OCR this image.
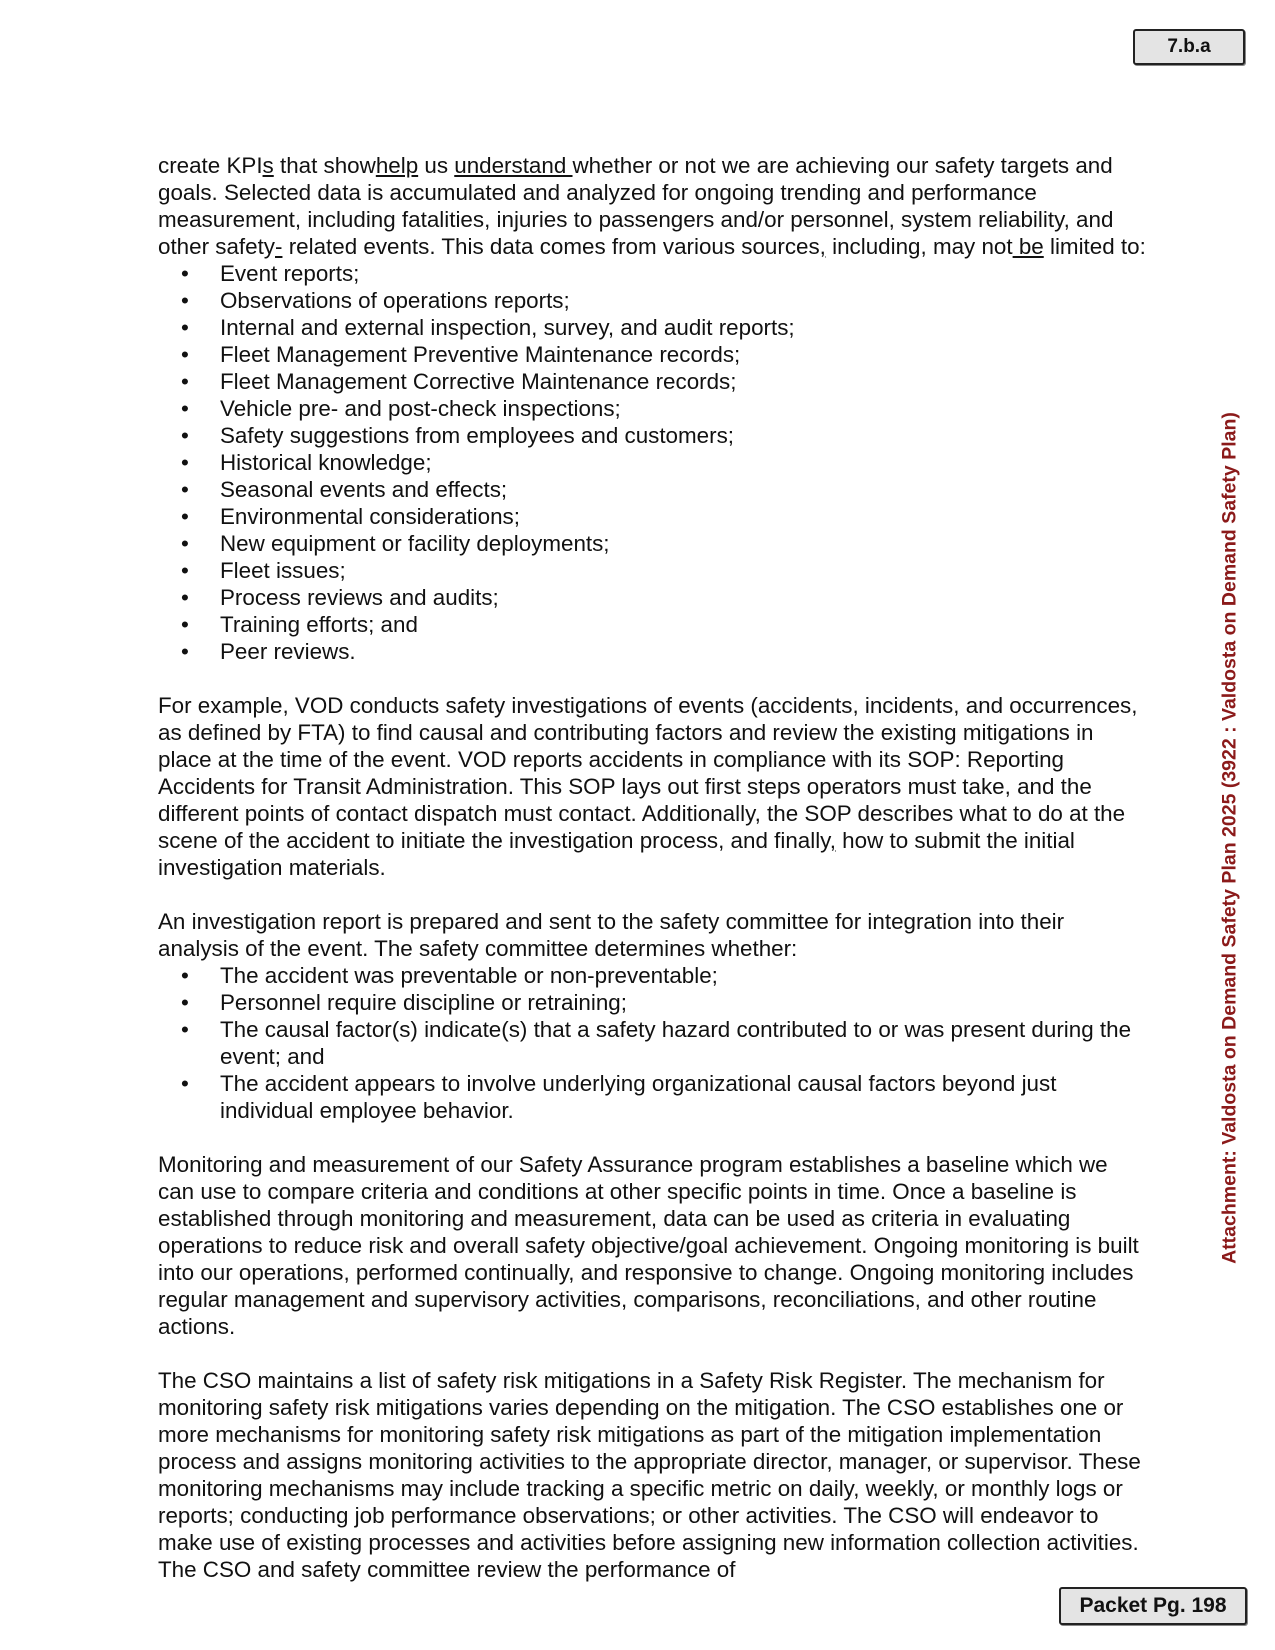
7.b.a
Attachment: Valdosta on Demand Safety Plan 2025 (3922 : Valdosta on Demand Safety Plan)

create KPIs that showhelp us understand whether or not we are achieving our safety targets and goals. Selected data is accumulated and analyzed for ongoing trending and performance measurement, including fatalities, injuries to passengers and/or personnel, system reliability, and other safety- related events. This data comes from various sources, including, may not be limited to:

• Event reports;
• Observations of operations reports;
• Internal and external inspection, survey, and audit reports;
• Fleet Management Preventive Maintenance records;
• Fleet Management Corrective Maintenance records;
• Vehicle pre- and post-check inspections;
• Safety suggestions from employees and customers;
• Historical knowledge;
• Seasonal events and effects;
• Environmental considerations;
• New equipment or facility deployments;
• Fleet issues;
• Process reviews and audits;
• Training efforts; and
• Peer reviews.

For example, VOD conducts safety investigations of events (accidents, incidents, and occurrences, as defined by FTA) to find causal and contributing factors and review the existing mitigations in place at the time of the event. VOD reports accidents in compliance with its SOP: Reporting Accidents for Transit Administration. This SOP lays out first steps operators must take, and the different points of contact dispatch must contact. Additionally, the SOP describes what to do at the scene of the accident to initiate the investigation process, and finally, how to submit the initial investigation materials.

An investigation report is prepared and sent to the safety committee for integration into their analysis of the event. The safety committee determines whether:

• The accident was preventable or non-preventable;
• Personnel require discipline or retraining;
• The causal factor(s) indicate(s) that a safety hazard contributed to or was present during the event; and
• The accident appears to involve underlying organizational causal factors beyond just individual employee behavior.

Monitoring and measurement of our Safety Assurance program establishes a baseline which we can use to compare criteria and conditions at other specific points in time. Once a baseline is established through monitoring and measurement, data can be used as criteria in evaluating operations to reduce risk and overall safety objective/goal achievement. Ongoing monitoring is built into our operations, performed continually, and responsive to change. Ongoing monitoring includes regular management and supervisory activities, comparisons, reconciliations, and other routine actions.

The CSO maintains a list of safety risk mitigations in a Safety Risk Register. The mechanism for monitoring safety risk mitigations varies depending on the mitigation. The CSO establishes one or more mechanisms for monitoring safety risk mitigations as part of the mitigation implementation process and assigns monitoring activities to the appropriate director, manager, or supervisor. These monitoring mechanisms may include tracking a specific metric on daily, weekly, or monthly logs or reports; conducting job performance observations; or other activities. The CSO will endeavor to make use of existing processes and activities before assigning new information collection activities. The CSO and safety committee review the performance of

Packet Pg. 198
